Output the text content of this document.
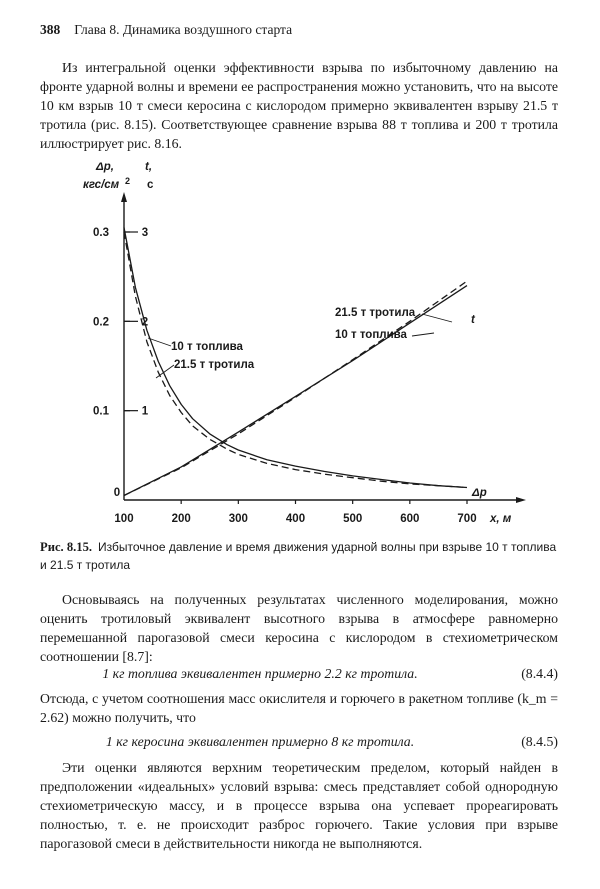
388 Глава 8. Динамика воздушного старта

Из интегральной оценки эффективности взрыва по избыточному давлению на фронте ударной волны и времени ее распространения можно установить, что на высоте 10 км взрыв 10 т смеси керосина с кислородом примерно эквивалентен взрыву 21.5 т тротила (рис. 8.15). Соответствующее сравнение взрыва 88 т топлива и 200 т тротила иллюстрирует рис. 8.16.

Δp,
кгс/см 2
t,
с
x, м
100	200	300	400	500	600	700
0.1
0.2
0.3
0
1
2
3
10 т топлива
21.5 т тротила
21.5 т тротила
10 т топлива
t
Δp
Рис. 8.15. Избыточное давление и время движения ударной волны при взрыве 10 т топлива и 21.5 т тротила

Основываясь на полученных результатах численного моделирования, можно оценить тротиловый эквивалент высотного взрыва в атмосфере равномерно перемешанной парогазовой смеси керосина с кислородом в стехиометрическом соотношении [8.7]:

1 кг топлива эквивалентен примерно 2.2 кг тротила.	(8.4.4)

Отсюда, с учетом соотношения масс окислителя и горючего в ракетном топливе (k_m = 2.62) можно получить, что

1 кг керосина эквивалентен примерно 8 кг тротила.	(8.4.5)

Эти оценки являются верхним теоретическим пределом, который найден в предположении «идеальных» условий взрыва: смесь представляет собой однородную стехиометрическую массу, и в процессе взрыва она успевает прореагировать полностью, т. е. не происходит разброс горючего. Такие условия при взрыве парогазовой смеси в действительности никогда не выполняются.
